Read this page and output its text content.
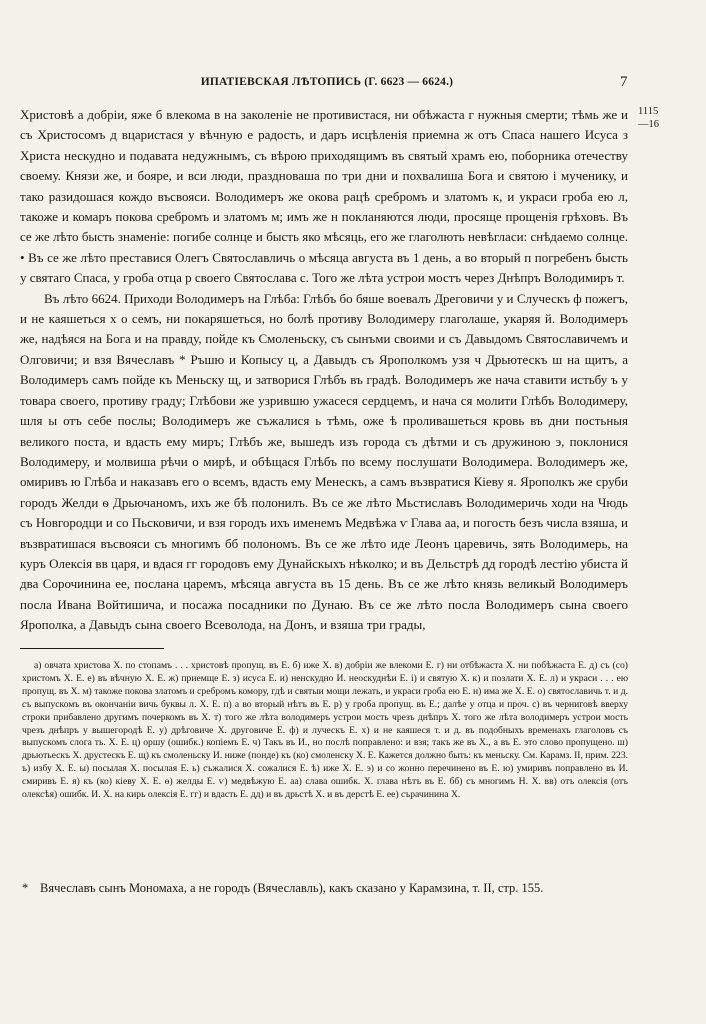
ИПАТІЕВСКАЯ ЛѢТОПИСЬ (Г. 6623 — 6624.)	7
1115
—16

Христовѣ а добріи, яже б влекома в на заколеніе не противистася, ни обѣжаста г нужныя смерти; тѣмь же и съ Христосомъ д вцаристася у вѣчную е радость, и даръ исцѣленія приемна ж отъ Спаса нашего Исуса з Христа нескудно и подавата недужнымъ, съ вѣрою приходящимъ въ святый храмъ ею, поборника отечеству своему. Князи же, и бояре, и вси люди, праздноваша по три дни и похвалиша Бога и святою і мученику, и тако разидошася кождо въсвояси. Володимеръ же окова рацѣ сребромъ и златомъ к, и украси гроба ею л, такоже и комаръ покова сребромъ и златомъ м; имъ же н покланяются люди, просяще прощенія грѣховъ. Въ се же лѣто бысть знаменіе: погибе солнце и бысть яко мѣсяць, его же глаголють невѣгласи: снѣдаемо солнце. • Въ се же лѣто преставися Олегъ Святославличь о мѣсяца августа въ 1 день, а во вторый п погребенъ бысть у святаго Спаса, у гроба отца р своего Святослава с. Того же лѣта устрои мостъ через Днѣпръ Володимиръ т.

Въ лѣто 6624. Приходи Володимеръ на Глѣба: Глѣбъ бо бяше воевалъ Дреговичи у и Случескъ ф пожегъ, и не каяшеться х о семъ, ни покаряшеться, но болѣ противу Володимеру глаголаше, укаряя й. Володимеръ же, надѣяся на Бога и на правду, пойде къ Смоленьску, съ сынъми своими и съ Давыдомъ Святославичемъ и Олговичи; и взя Вячеславъ * Ръшю и Копысу ц, а Давыдъ съ Ярополкомъ узя ч Дрьютескъ ш на щитъ, а Володимеръ самъ пойде къ Меньску щ, и затворися Глѣбъ въ градѣ. Володимеръ же нача ставити истьбу ъ у товара своего, противу граду; Глѣбови же узрившю ужасеся сердцемъ, и нача ся молити Глѣбъ Володимеру, шля ы отъ себе послы; Володимеръ же съжалися ь тѣмь, оже ѣ проливашеться кровь въ дни постьныя великого поста, и вдасть ему миръ; Глѣбъ же, вышедъ изъ города съ дѣтми и съ дружиною э, поклонися Володимеру, и молвиша рѣчи о мирѣ, и обѣщася Глѣбъ по всему послушати Володимера. Володимеръ же, омиривъ ю Глѣба и наказавъ его о всемъ, вдасть ему Менескъ, а самъ възвратися Кіеву я. Ярополкъ же сруби городъ Желди ѳ Дрьючаномъ, ихъ же бѣ полонилъ. Въ се же лѣто Мьстиславъ Володимеричь ходи на Чюдь съ Новгородци и со Пьсковичи, и взя городъ ихъ именемъ Медвѣжа ѵ Глава аа, и погость безъ числа взяша, и възвратишася въсвояси съ многимъ бб полономъ. Въ се же лѣто иде Леонъ царевичь, зять Володимерь, на куръ Олексія вв царя, и вдася гг городовъ ему Дунайскыхъ нѣколко; и въ Дельстрѣ дд городѣ лестію убиста й два Сорочинина ее, послана царемъ, мѣсяца августа въ 15 день. Въ се же лѣто князь великый Володимеръ посла Ивана Войтишича, и посажа посадники по Дунаю. Въ се же лѣто посла Володимеръ сына своего Ярополка, а Давыдъ сына своего Всеволода, на Донъ, и взяша три грады,

а) овчата христова Х. по стопамъ . . . христовѣ пропущ. въ Е. б) иже Х. в) добріи же влекоми Е. г) ни отбѣжаста Х. ни побѣжаста Е. д) съ (со) христомъ Х. Е. е) въ вѣчную Х. Е. ж) приемще Е. з) исуса Е. и) ненскудно И. неоскуднѣи Е. і) и святую Х. к) и позлати Х. Е. л) и украси . . . ею пропущ. въ Х. м) такоже покова златомъ и сребромъ комору, гдѣ и святыи мощи лежать, и украси гроба ею Е. н) има же Х. Е. о) святославичь т. и д. съ выпускомъ въ окончаніи вичь буквы л. Х. Е. п) а во вторый нѣтъ въ Е. р) у гроба пропущ. въ Е.; далѣе у отца и проч. с) въ черниговѣ вверху строки прибавлено другимъ почеркомъ въ Х. т) того же лѣта володимеръ устрои мость чрезъ днѣпръ Х. того же лѣта володимеръ устрои мость чрезъ днѣпръ у вышегородѣ Е. у) дрѣговиче Х. друговиче Е. ф) и луческъ Е. х) и не каяшеся т. и д. въ подобныхъ временахъ глаголовъ съ выпускомъ слога ть. Х. Е. ц) оршу (ошибк.) копіемъ Е. ч) Такъ въ И., но послѣ поправлено: и взя; такъ же въ Х., а въ Е. это слово пропущено. ш) дрьютьескъ Х. друстескъ Е. щ) къ смоленьску И. ниже (понде) къ (ко) смоленску Х. Е. Кажется должно быть: къ меньску. См. Карамз. II, прим. 223. ъ) избу Х. Е. ы) посылая Х. посылая Е. ь) съжалися Х. сожалися Е. ѣ) иже Х. Е. э) и со жонно перечинено въ Е. ю) умиривъ поправлено въ И. смиривъ Е. я) къ (ко) кіеву Х. Е. ѳ) желды Е. ѵ) медвѣжую Е. аа) слава ошибк. Х. глава нѣтъ въ Е. бб) съ многимъ Н. Х. вв) отъ олексія (отъ олексѣя) ошибк. И. Х. на кирь олексія Е. гг) и вдасть Е. дд) и въ дрьстѣ Х. и въ дерстѣ Е. ее) сърачинина Х.

* Вячеславъ сынъ Мономаха, а не городъ (Вячеславль), какъ сказано у Карамзина, т. II, стр. 155.
